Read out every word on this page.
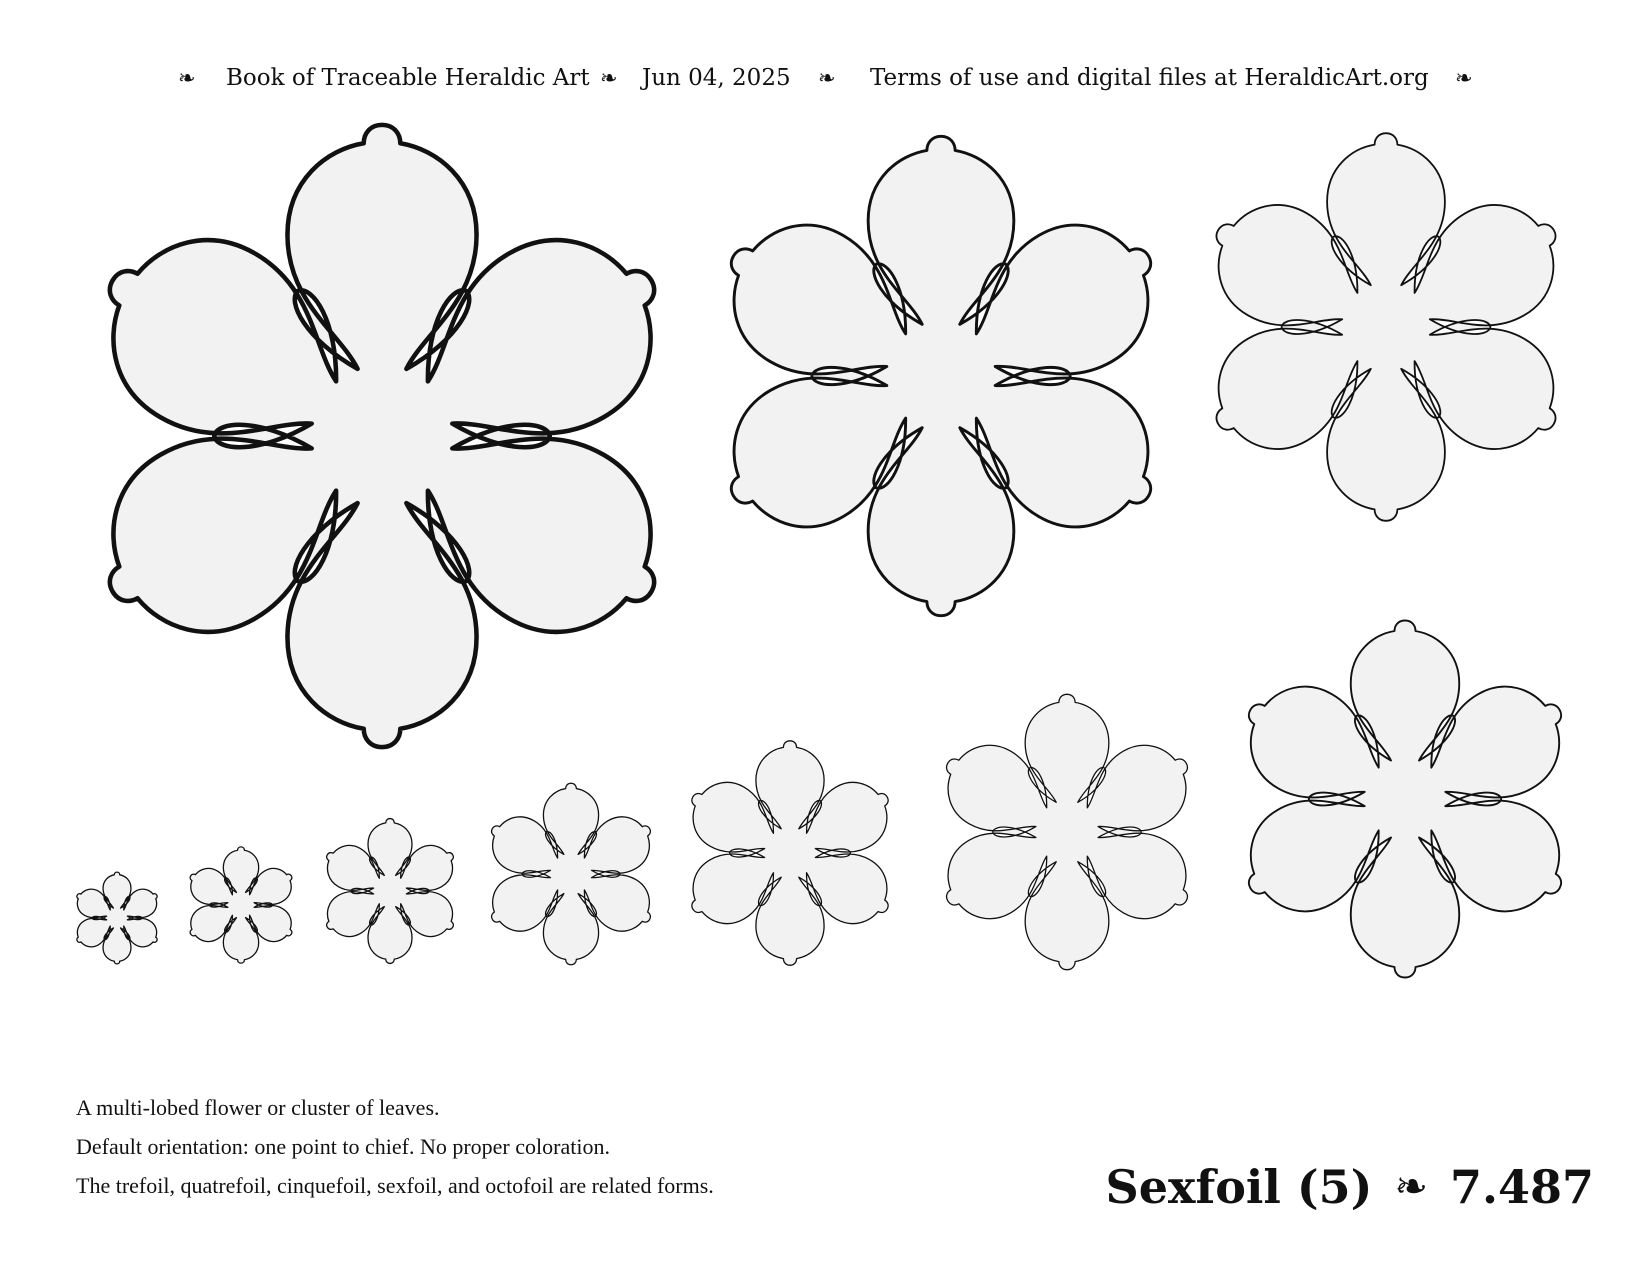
❧ Book of Traceable Heraldic Art ❧ Jun 04, 2025 ❧ Terms of use and digital files at HeraldicArt.org ❧
A multi-lobed flower or cluster of leaves.
Default orientation: one point to chief. No proper coloration.
The trefoil, quatrefoil, cinquefoil, sexfoil, and octofoil are related forms.	Sexfoil (5) ❧ 7.487
